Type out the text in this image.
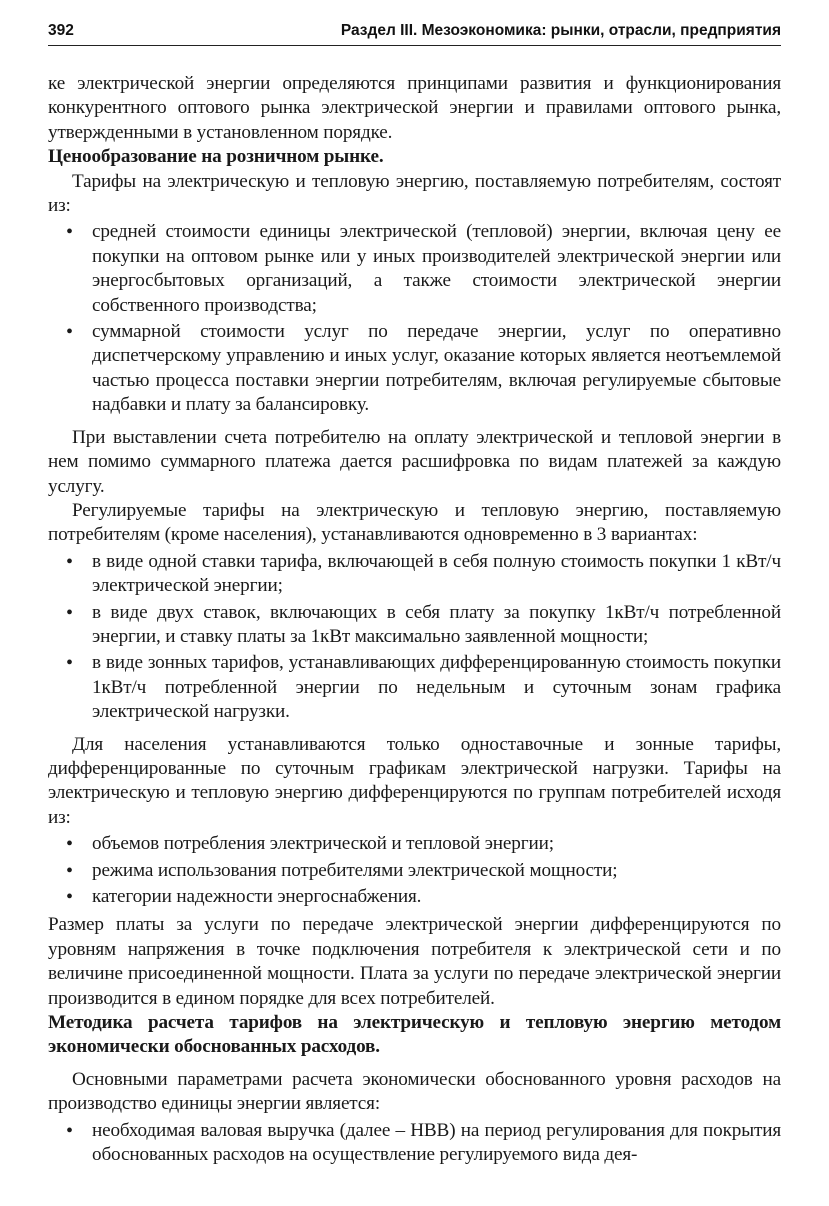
392	Раздел III. Мезоэкономика: рынки, отрасли, предприятия

ке электрической энергии определяются принципами развития и функционирования конкурентного оптового рынка электрической энергии и правилами оптового рынка, утвержденными в установленном порядке.

Ценообразование на розничном рынке.

Тарифы на электрическую и тепловую энергию, поставляемую потребителям, состоят из:

• средней стоимости единицы электрической (тепловой) энергии, включая цену ее покупки на оптовом рынке или у иных производителей электрической энергии или энергосбытовых организаций, а также стоимости электрической энергии собственного производства;
• суммарной стоимости услуг по передаче энергии, услуг по оперативно диспетчерскому управлению и иных услуг, оказание которых является неотъемлемой частью процесса поставки энергии потребителям, включая регулируемые сбытовые надбавки и плату за балансировку.

При выставлении счета потребителю на оплату электрической и тепловой энергии в нем помимо суммарного платежа дается расшифровка по видам платежей за каждую услугу.

Регулируемые тарифы на электрическую и тепловую энергию, поставляемую потребителям (кроме населения), устанавливаются одновременно в 3 вариантах:

• в виде одной ставки тарифа, включающей в себя полную стоимость покупки 1 кВт/ч электрической энергии;
• в виде двух ставок, включающих в себя плату за покупку 1кВт/ч потребленной энергии, и ставку платы за 1кВт максимально заявленной мощности;
• в виде зонных тарифов, устанавливающих дифференцированную стоимость покупки 1кВт/ч потребленной энергии по недельным и суточным зонам графика электрической нагрузки.

Для населения устанавливаются только одноставочные и зонные тарифы, дифференцированные по суточным графикам электрической нагрузки. Тарифы на электрическую и тепловую энергию дифференцируются по группам потребителей исходя из:

• объемов потребления электрической и тепловой энергии;
• режима использования потребителями электрической мощности;
• категории надежности энергоснабжения.

Размер платы за услуги по передаче электрической энергии дифференцируются по уровням напряжения в точке подключения потребителя к электрической сети и по величине присоединенной мощности. Плата за услуги по передаче электрической энергии производится в едином порядке для всех потребителей.

Методика расчета тарифов на электрическую и тепловую энергию методом экономически обоснованных расходов.

Основными параметрами расчета экономически обоснованного уровня расходов на производство единицы энергии является:

• необходимая валовая выручка (далее – НВВ) на период регулирования для покрытия обоснованных расходов на осуществление регулируемого вида дея-
